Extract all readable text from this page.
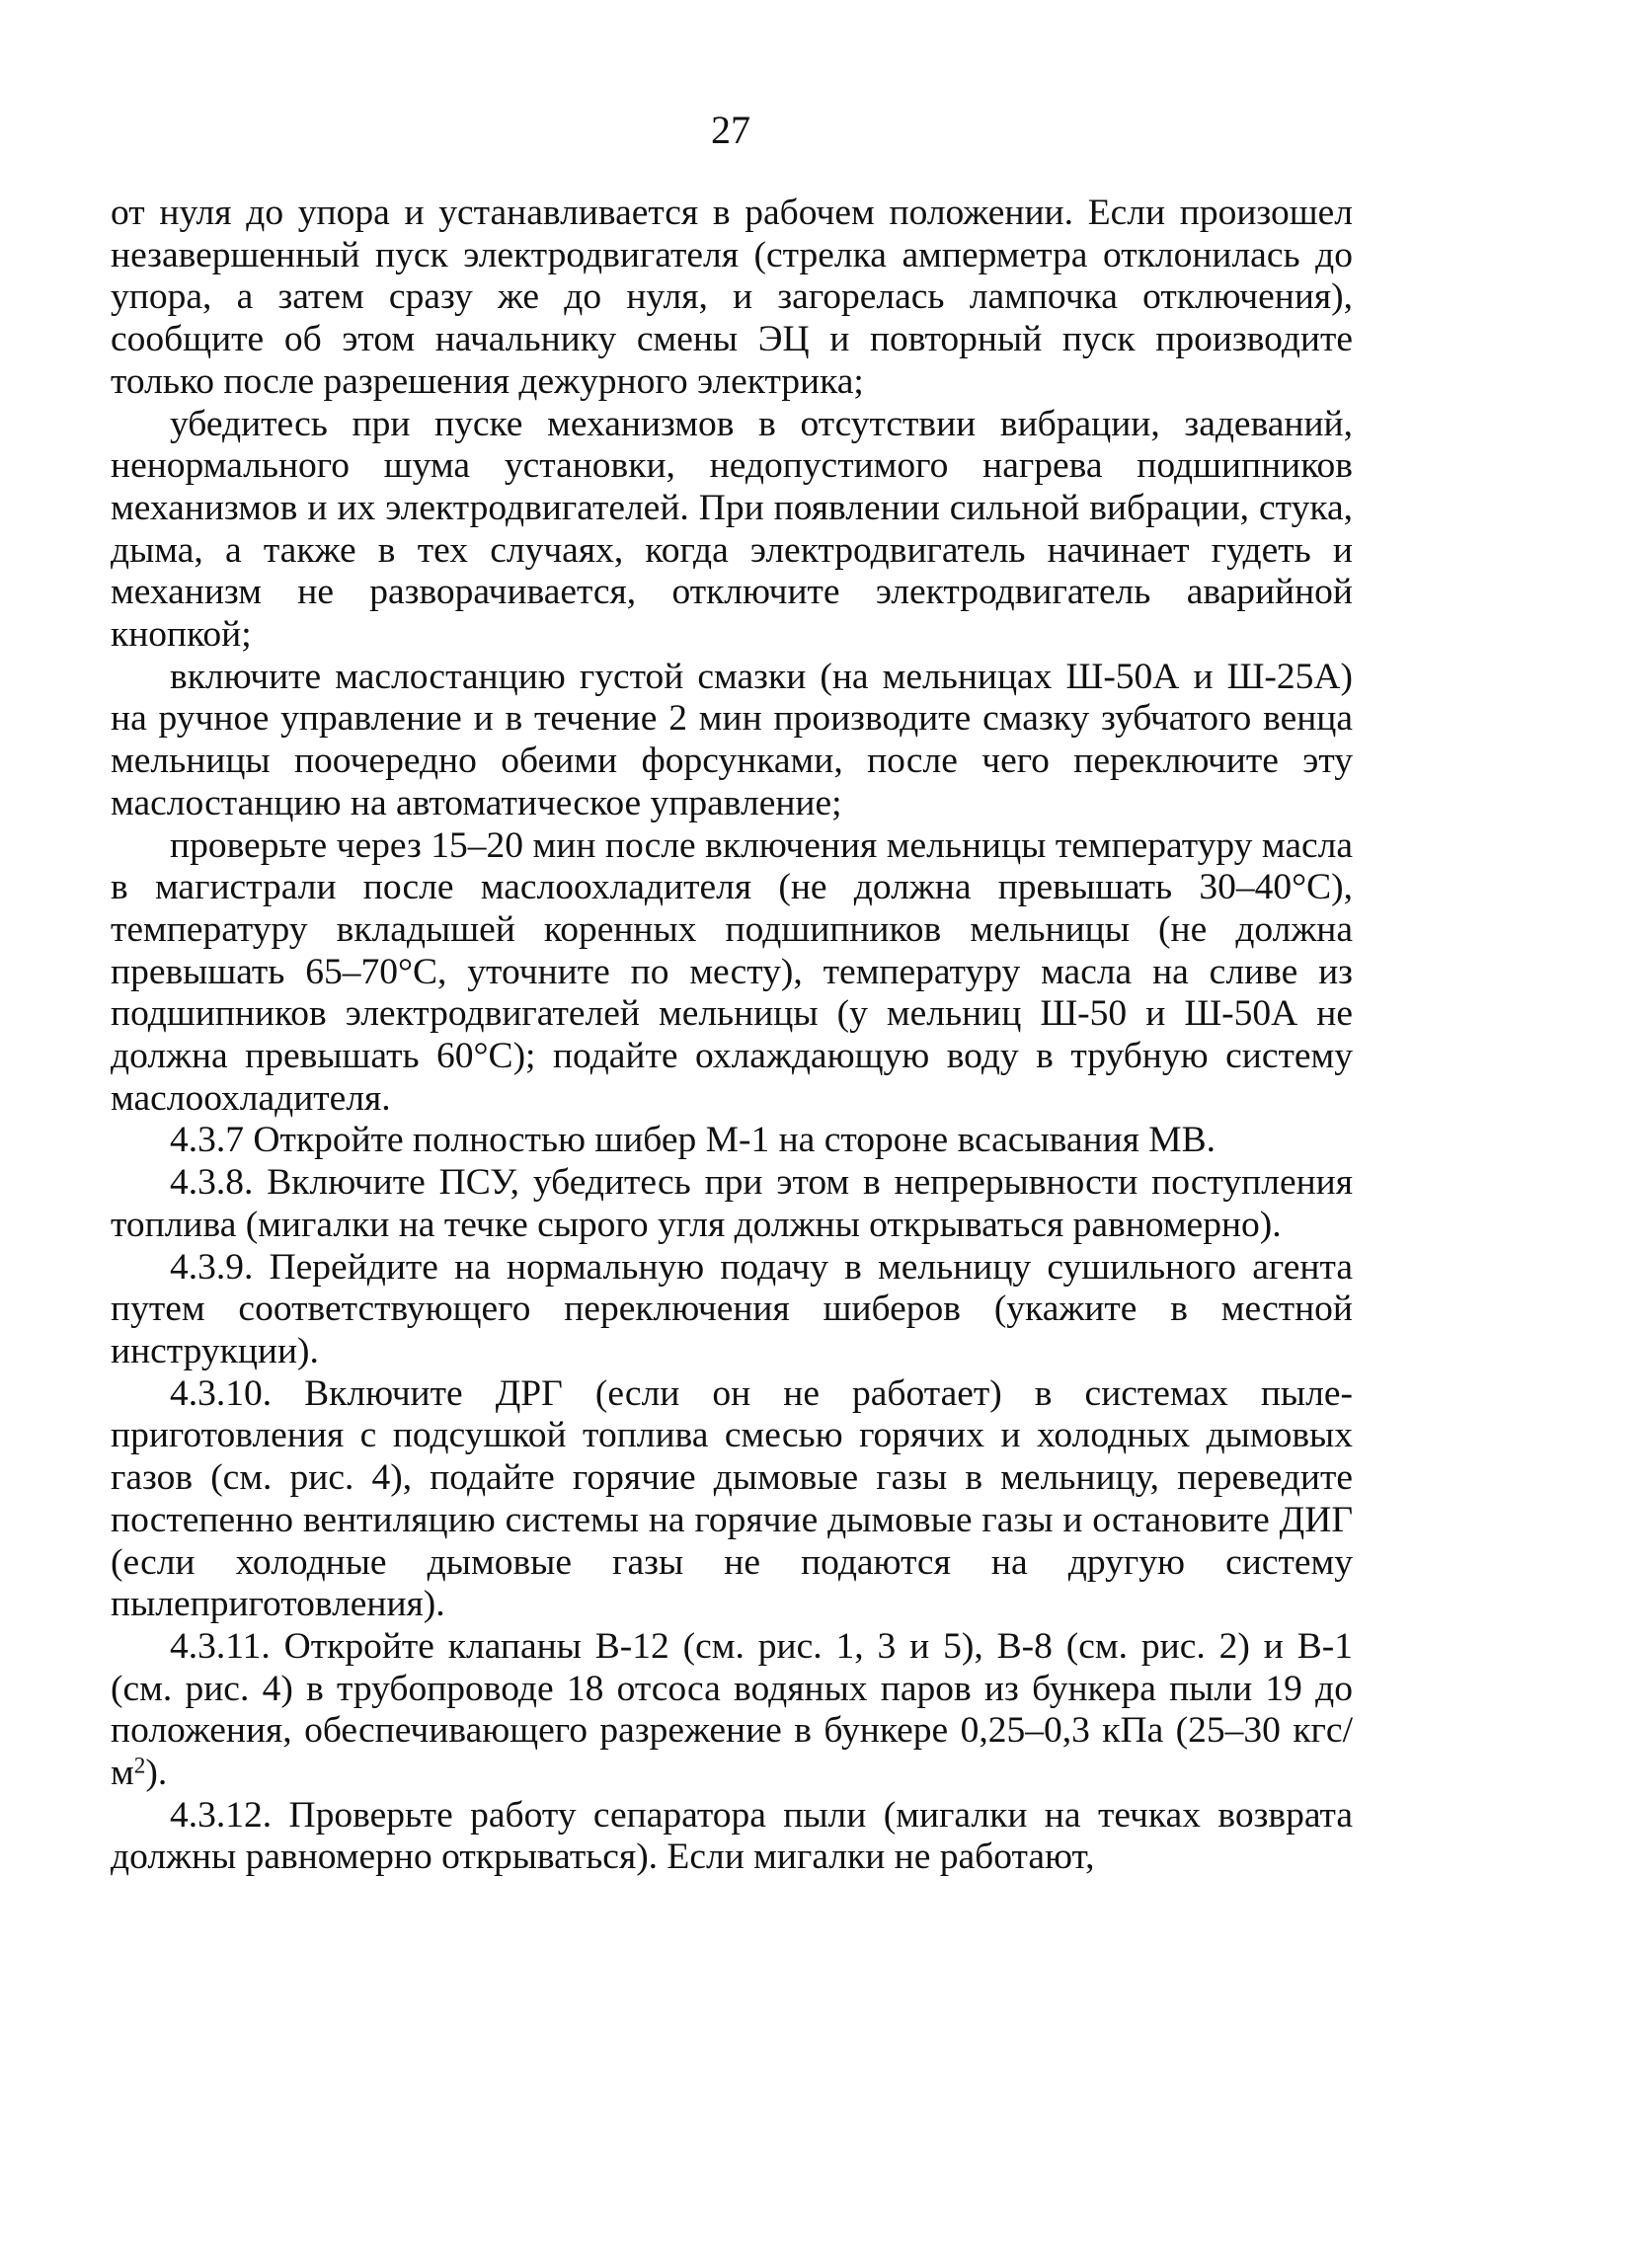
27

от нуля до упора и устанавливается в рабочем положении. Если произошел незавершенный пуск электродвигателя (стрелка амперметра отклонилась до упора, а затем сразу же до нуля, и загорелась лампочка отключения), сообщите об этом начальнику смены ЭЦ и повторный пуск производите только после разрешения дежурного электрика;

убедитесь при пуске механизмов в отсутствии вибрации, задеваний, ненормального шума установки, недопустимого нагрева подшипников механизмов и их электродвигателей. При появлении сильной вибрации, стука, дыма, а также в тех случаях, когда электродвигатель начинает гудеть и механизм не разворачивается, отключите электродвигатель аварийной кнопкой;

включите маслостанцию густой смазки (на мельницах Ш-50А и Ш-25А) на ручное управление и в течение 2 мин производите смазку зубчатого венца мельницы поочередно обеими форсунками, после чего переключите эту маслостанцию на автоматическое управление;

проверьте через 15–20 мин после включения мельницы температуру масла в магистрали после маслоохладителя (не должна превышать 30–40°С), температуру вкладышей коренных подшипников мельницы (не должна превышать 65–70°С, уточните по месту), температуру масла на сливе из подшипников электродвигателей мельницы (у мельниц Ш-50 и Ш-50А не должна превышать 60°С); подайте охлаждающую воду в трубную систему маслоохладителя.

4.3.7 Откройте полностью шибер М-1 на стороне всасывания МВ.

4.3.8. Включите ПСУ, убедитесь при этом в непрерывности поступления топлива (мигалки на течке сырого угля должны открываться равномерно).

4.3.9. Перейдите на нормальную подачу в мельницу сушильного агента путем соответствующего переключения шиберов (укажите в местной инструкции).

4.3.10. Включите ДРГ (если он не работает) в системах пылеприготовления с подсушкой топлива смесью горячих и холодных дымовых газов (см. рис. 4), подайте горячие дымовые газы в мельницу, переведите постепенно вентиляцию системы на горячие дымовые газы и остановите ДИГ (если холодные дымовые газы не подаются на другую систему пылеприготовления).

4.3.11. Откройте клапаны В-12 (см. рис. 1, 3 и 5), В-8 (см. рис. 2) и В-1 (см. рис. 4) в трубопроводе 18 отсоса водяных паров из бункера пыли 19 до положения, обеспечивающего разрежение в бункере 0,25–0,3 кПа (25–30 кгс/$м^2$).

4.3.12. Проверьте работу сепаратора пыли (мигалки на течках возврата должны равномерно открываться). Если мигалки не работают,
